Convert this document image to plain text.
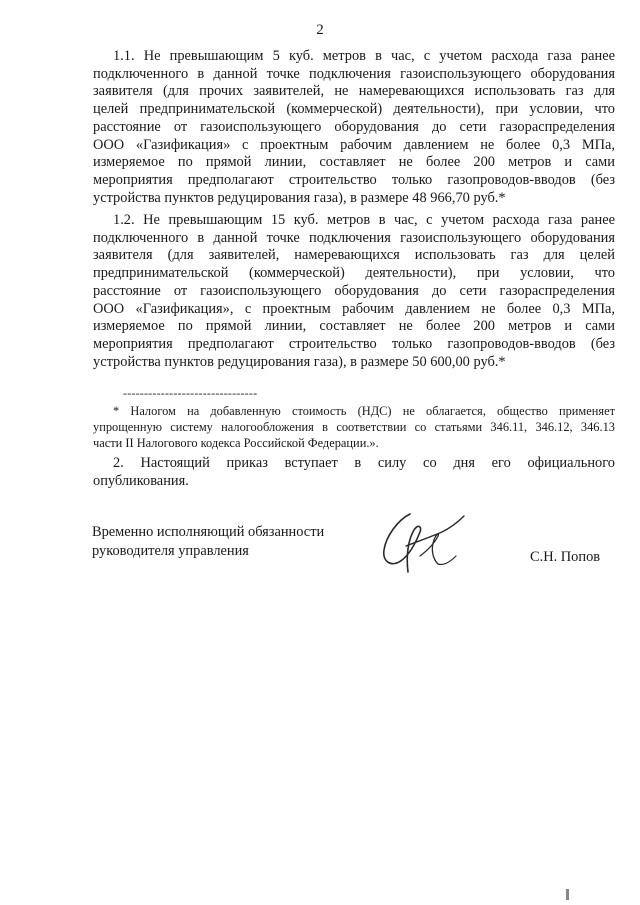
2
1.1. Не превышающим 5 куб. метров в час, с учетом расхода газа ранее
подключенного в данной точке подключения газоиспользующего оборудования
заявителя (для прочих заявителей, не намеревающихся использовать газ для
целей предпринимательской (коммерческой) деятельности), при условии, что
расстояние от газоиспользующего оборудования до сети газораспределения
ООО «Газификация» с проектным рабочим давлением не более 0,3 МПа,
измеряемое по прямой линии, составляет не более 200 метров и сами
мероприятия предполагают строительство только газопроводов-вводов (без
устройства пунктов редуцирования газа), в размере 48 966,70 руб.*
1.2. Не превышающим 15 куб. метров в час, с учетом расхода газа ранее
подключенного в данной точке подключения газоиспользующего оборудования
заявителя (для заявителей, намеревающихся использовать газ для целей
предпринимательской (коммерческой) деятельности), при условии, что
расстояние от газоиспользующего оборудования до сети газораспределения
ООО «Газификация», с проектным рабочим давлением не более 0,3 МПа,
измеряемое по прямой линии, составляет не более 200 метров и сами
мероприятия предполагают строительство только газопроводов-вводов (без
устройства пунктов редуцирования газа), в размере 50 600,00 руб.*
--------------------------------
* Налогом на добавленную стоимость (НДС) не облагается, общество применяет
упрощенную систему налогообложения в соответствии со статьями 346.11, 346.12, 346.13
части II Налогового кодекса Российской Федерации.».
2. Настоящий приказ вступает в силу со дня его официального
опубликования.
Временно исполняющий обязанности
руководителя управления	С.Н. Попов
